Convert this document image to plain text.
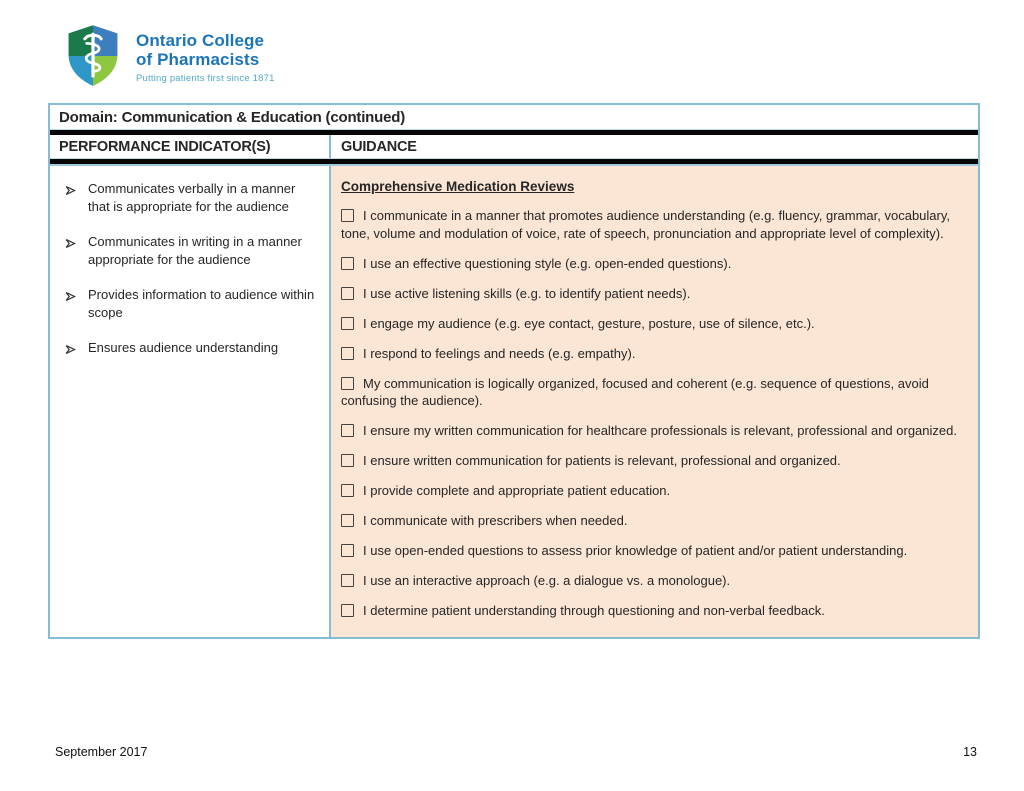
Ontario College
of Pharmacists
Putting patients first since 1871
Domain: Communication & Education (continued)
PERFORMANCE INDICATOR(S)	GUIDANCE
Communicates verbally in a manner that is appropriate for the audience
Communicates in writing in a manner appropriate for the audience
Provides information to audience within scope
Ensures audience understanding
Comprehensive Medication Reviews
I communicate in a manner that promotes audience understanding (e.g. fluency, grammar, vocabulary, tone, volume and modulation of voice, rate of speech, pronunciation and appropriate level of complexity).
I use an effective questioning style (e.g. open-ended questions).
I use active listening skills (e.g. to identify patient needs).
I engage my audience (e.g. eye contact, gesture, posture, use of silence, etc.).
I respond to feelings and needs (e.g. empathy).
My communication is logically organized, focused and coherent (e.g. sequence of questions, avoid confusing the audience).
I ensure my written communication for healthcare professionals is relevant, professional and organized.
I ensure written communication for patients is relevant, professional and organized.
I provide complete and appropriate patient education.
I communicate with prescribers when needed.
I use open-ended questions to assess prior knowledge of patient and/or patient understanding.
I use an interactive approach (e.g. a dialogue vs. a monologue).
I determine patient understanding through questioning and non-verbal feedback.
September 2017	13
